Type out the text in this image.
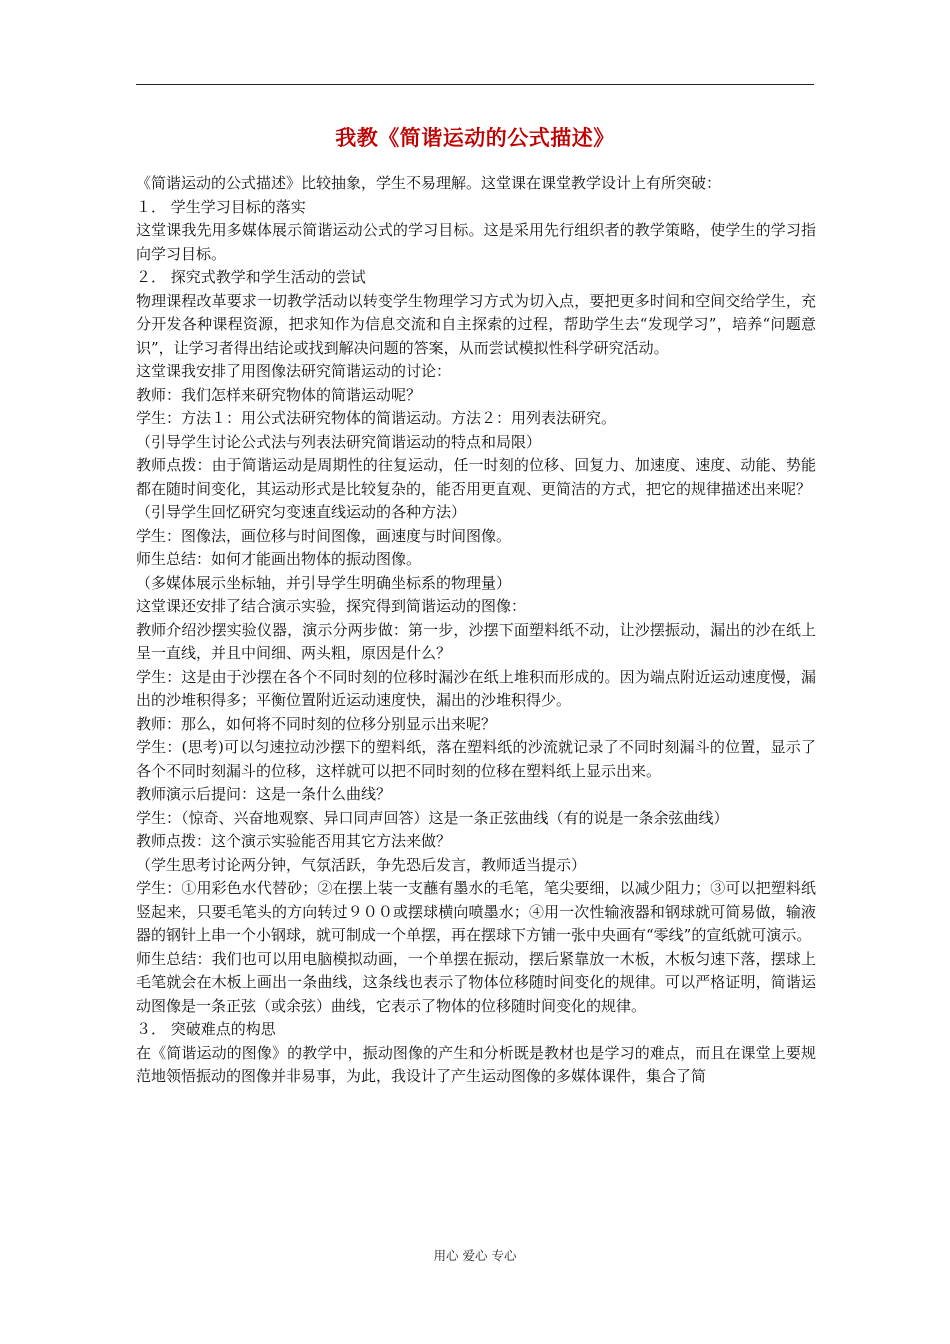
我教《简谐运动的公式描述》

《简谐运动的公式描述》比较抽象，学生不易理解。这堂课在课堂教学设计上有所突破：

１． 学生学习目标的落实

这堂课我先用多媒体展示简谐运动公式的学习目标。这是采用先行组织者的教学策略，使学生的学习指向学习目标。

２． 探究式教学和学生活动的尝试

物理课程改革要求一切教学活动以转变学生物理学习方式为切入点，要把更多时间和空间交给学生，充分开发各种课程资源，把求知作为信息交流和自主探索的过程，帮助学生去“发现学习”，培养“问题意识”，让学习者得出结论或找到解决问题的答案，从而尝试模拟性科学研究活动。

这堂课我安排了用图像法研究简谐运动的讨论：

教师：我们怎样来研究物体的简谐运动呢？

学生：方法１：用公式法研究物体的简谐运动。方法２：用列表法研究。

（引导学生讨论公式法与列表法研究简谐运动的特点和局限）

教师点拨：由于简谐运动是周期性的往复运动，任一时刻的位移、回复力、加速度、速度、动能、势能都在随时间变化，其运动形式是比较复杂的，能否用更直观、更简洁的方式，把它的规律描述出来呢？

（引导学生回忆研究匀变速直线运动的各种方法）

学生：图像法，画位移与时间图像，画速度与时间图像。

师生总结：如何才能画出物体的振动图像。

（多媒体展示坐标轴，并引导学生明确坐标系的物理量）

这堂课还安排了结合演示实验，探究得到简谐运动的图像：

教师介绍沙摆实验仪器，演示分两步做：第一步，沙摆下面塑料纸不动，让沙摆振动，漏出的沙在纸上呈一直线，并且中间细、两头粗，原因是什么？

学生：这是由于沙摆在各个不同时刻的位移时漏沙在纸上堆积而形成的。因为端点附近运动速度慢，漏出的沙堆积得多；平衡位置附近运动速度快，漏出的沙堆积得少。

教师：那么，如何将不同时刻的位移分别显示出来呢？

学生：(思考)可以匀速拉动沙摆下的塑料纸，落在塑料纸的沙流就记录了不同时刻漏斗的位置，显示了各个不同时刻漏斗的位移，这样就可以把不同时刻的位移在塑料纸上显示出来。

教师演示后提问：这是一条什么曲线？

学生：（惊奇、兴奋地观察、异口同声回答）这是一条正弦曲线（有的说是一条余弦曲线）

教师点拨：这个演示实验能否用其它方法来做？

（学生思考讨论两分钟，气氛活跃，争先恐后发言，教师适当提示）

学生：①用彩色水代替砂；②在摆上装一支蘸有墨水的毛笔，笔尖要细，以减少阻力；③可以把塑料纸竖起来，只要毛笔头的方向转过９００或摆球横向喷墨水；④用一次性输液器和钢球就可简易做，输液器的钢针上串一个小钢球，就可制成一个单摆，再在摆球下方铺一张中央画有“零线”的宣纸就可演示。

师生总结：我们也可以用电脑模拟动画，一个单摆在振动，摆后紧靠放一木板，木板匀速下落，摆球上毛笔就会在木板上画出一条曲线，这条线也表示了物体位移随时间变化的规律。可以严格证明，简谐运动图像是一条正弦（或余弦）曲线，它表示了物体的位移随时间变化的规律。

３． 突破难点的构思

在《简谐运动的图像》的教学中，振动图像的产生和分析既是教材也是学习的难点，而且在课堂上要规范地领悟振动的图像并非易事，为此，我设计了产生运动图像的多媒体课件，集合了简

用心 爱心 专心
